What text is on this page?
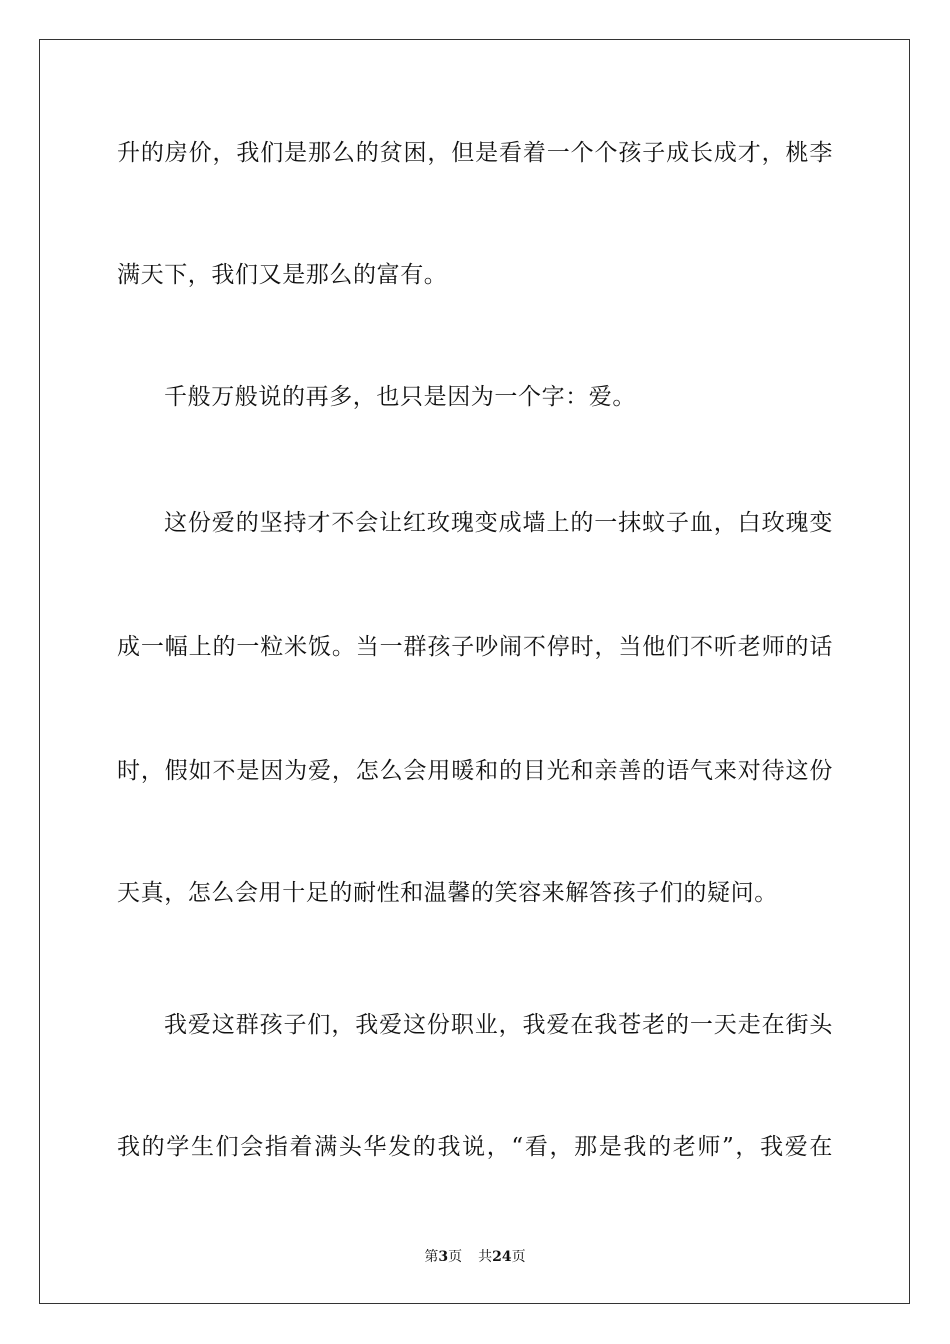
升的房价，我们是那么的贫困，但是看着一个个孩子成长成才，桃李
满天下，我们又是那么的富有。
千般万般说的再多，也只是因为一个字：爱。
这份爱的坚持才不会让红玫瑰变成墙上的一抹蚊子血，白玫瑰变
成一幅上的一粒米饭。当一群孩子吵闹不停时，当他们不听老师的话
时，假如不是因为爱，怎么会用暖和的目光和亲善的语气来对待这份
天真，怎么会用十足的耐性和温馨的笑容来解答孩子们的疑问。
我爱这群孩子们，我爱这份职业，我爱在我苍老的一天走在街头
我的学生们会指着满头华发的我说，“看，那是我的老师”，我爱在
第3页 共24页
